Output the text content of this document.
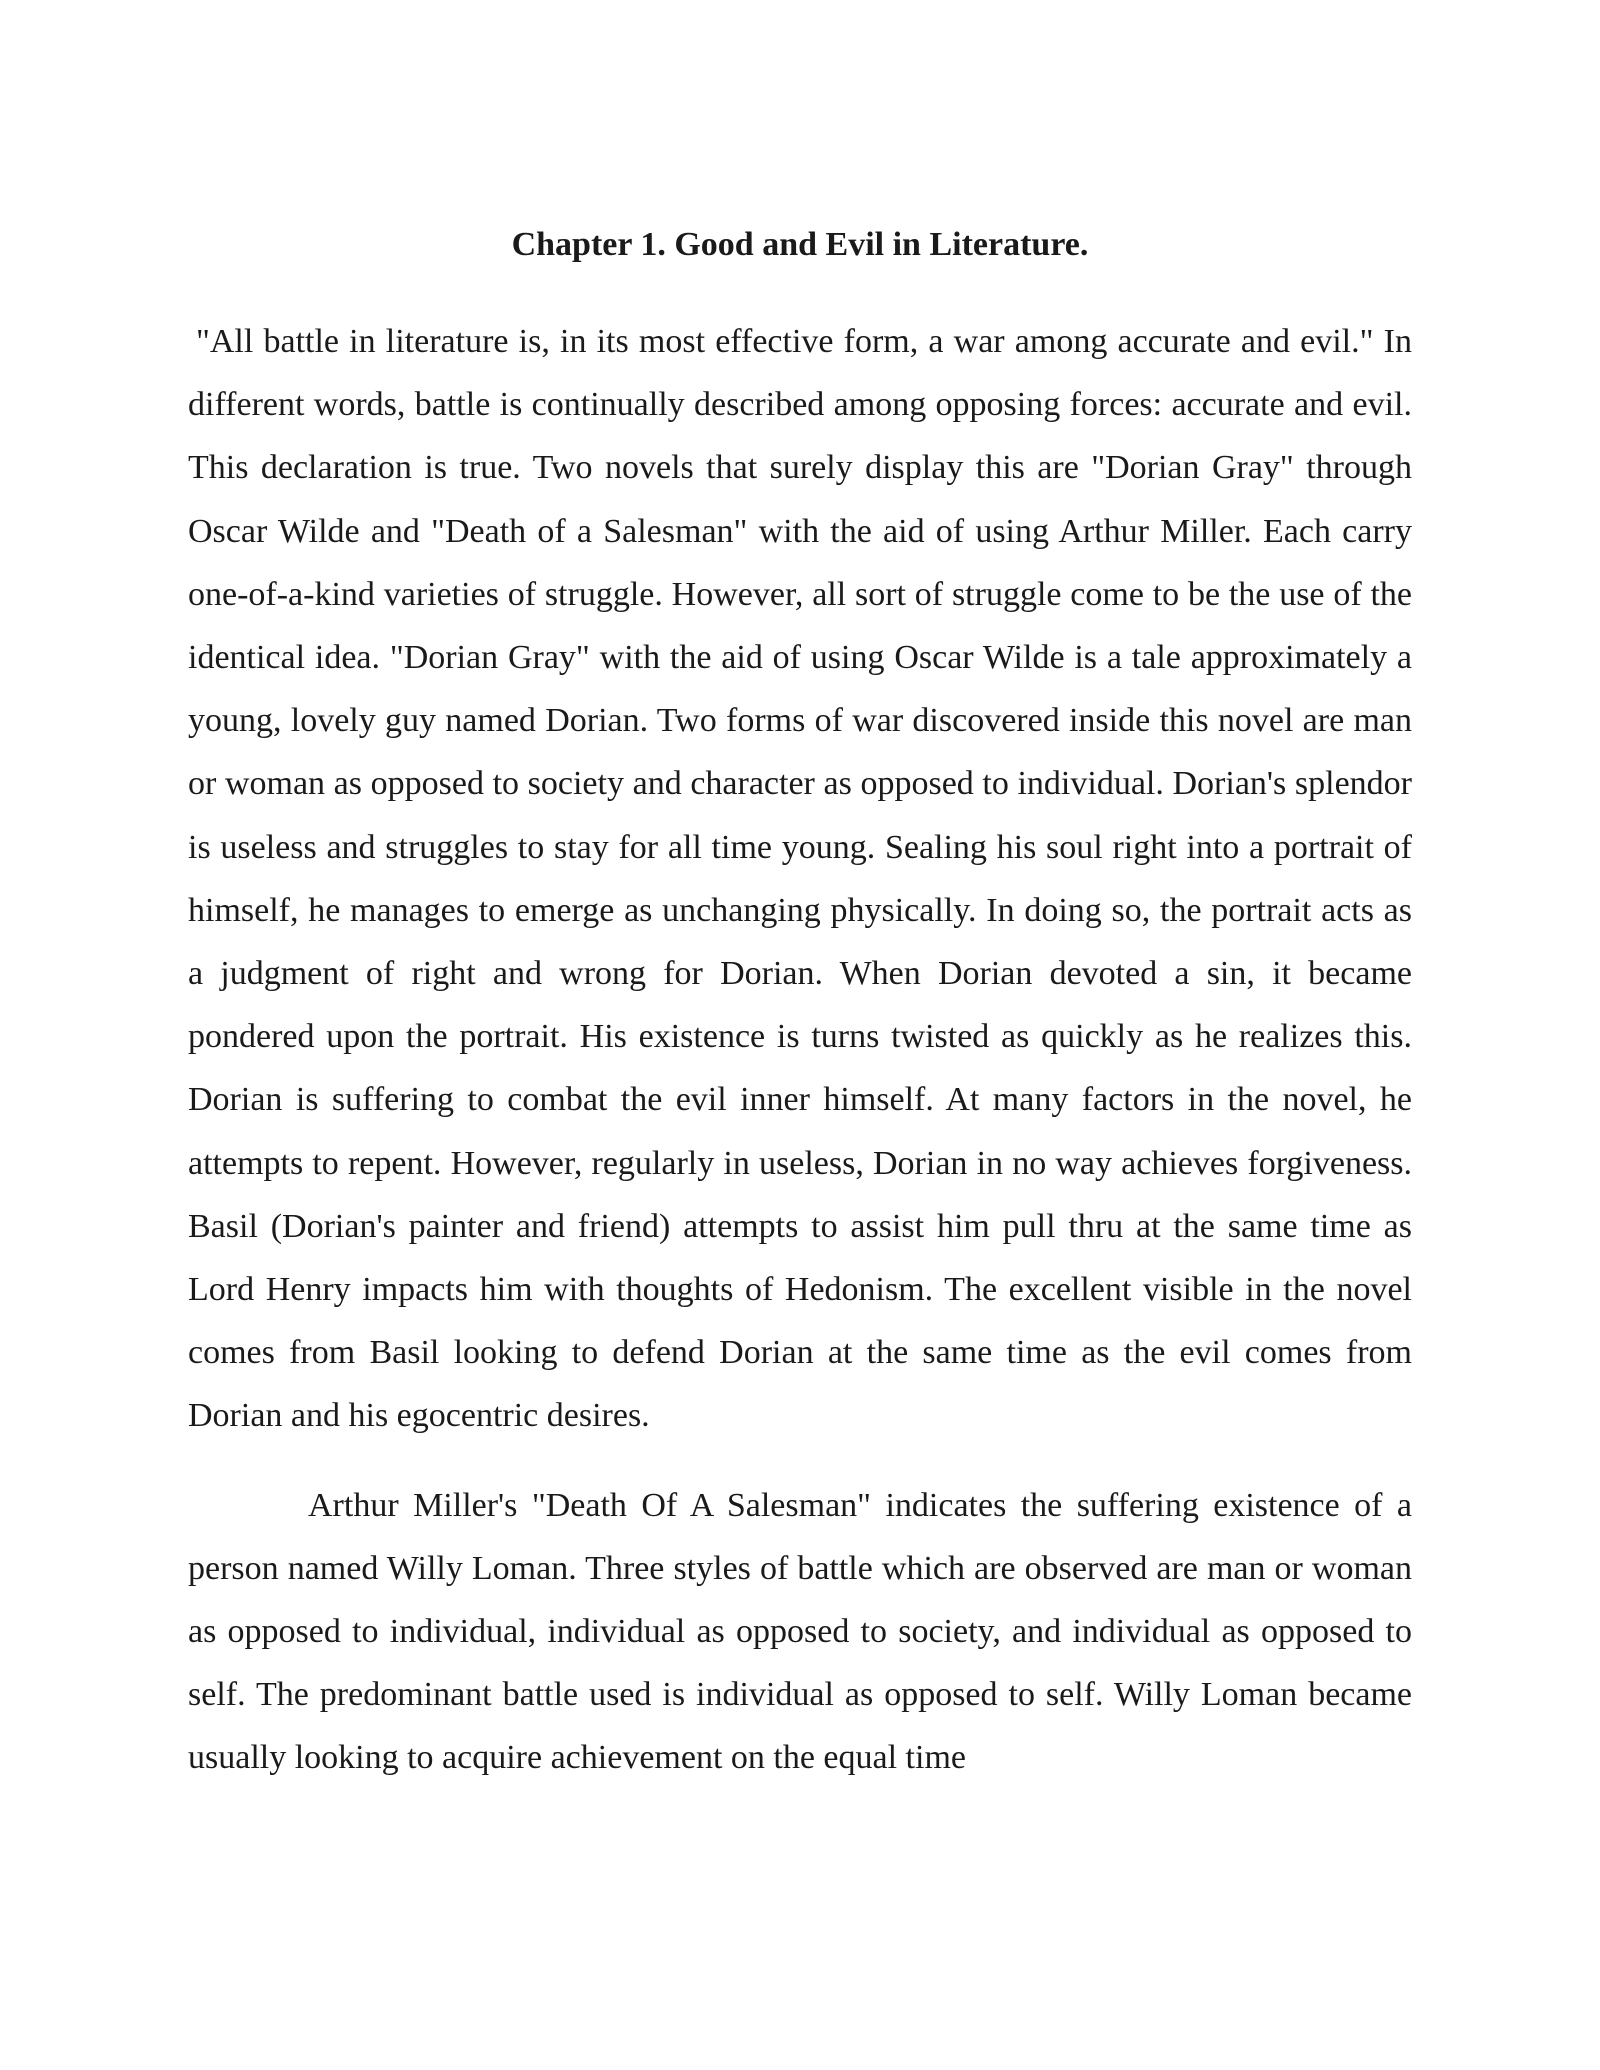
Chapter 1. Good and Evil in Literature.

"All battle in literature is, in its most effective form, a war among accurate and evil." In different words, battle is continually described among opposing forces: accurate and evil. This declaration is true. Two novels that surely display this are "Dorian Gray" through Oscar Wilde and "Death of a Salesman" with the aid of using Arthur Miller. Each carry one-of-a-kind varieties of struggle. However, all sort of struggle come to be the use of the identical idea. "Dorian Gray" with the aid of using Oscar Wilde is a tale approximately a young, lovely guy named Dorian. Two forms of war discovered inside this novel are man or woman as opposed to society and character as opposed to individual. Dorian's splendor is useless and struggles to stay for all time young. Sealing his soul right into a portrait of himself, he manages to emerge as unchanging physically. In doing so, the portrait acts as a judgment of right and wrong for Dorian. When Dorian devoted a sin, it became pondered upon the portrait. His existence is turns twisted as quickly as he realizes this. Dorian is suffering to combat the evil inner himself. At many factors in the novel, he attempts to repent. However, regularly in useless, Dorian in no way achieves forgiveness. Basil (Dorian's painter and friend) attempts to assist him pull thru at the same time as Lord Henry impacts him with thoughts of Hedonism. The excellent visible in the novel comes from Basil looking to defend Dorian at the same time as the evil comes from Dorian and his egocentric desires.

Arthur Miller's "Death Of A Salesman" indicates the suffering existence of a person named Willy Loman. Three styles of battle which are observed are man or woman as opposed to individual, individual as opposed to society, and individual as opposed to self. The predominant battle used is individual as opposed to self. Willy Loman became usually looking to acquire achievement on the equal time
